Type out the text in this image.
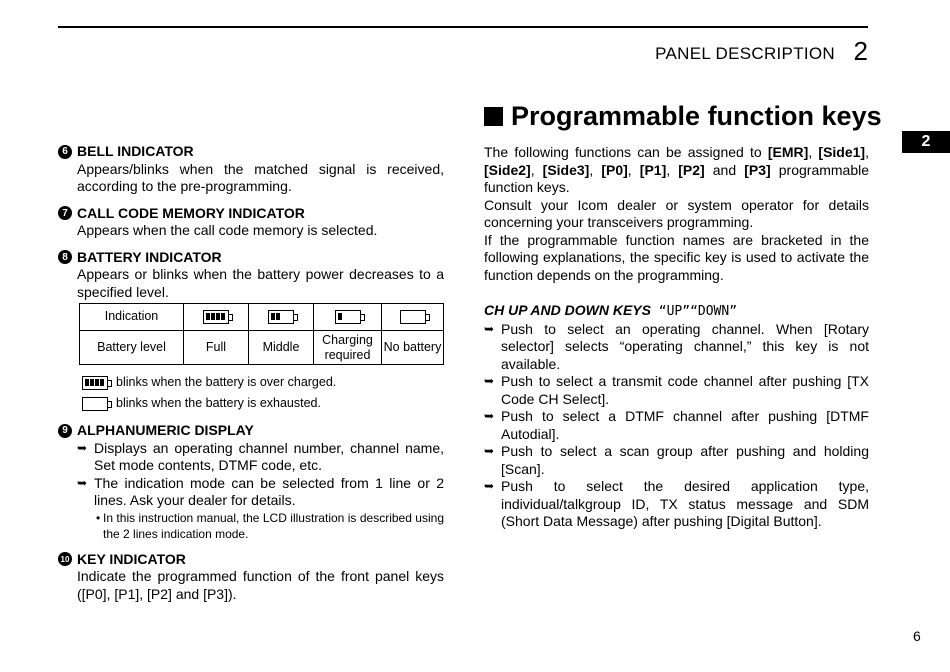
PANEL DESCRIPTION 2
2
6
6 BELL INDICATOR
Appears/blinks when the matched signal is received, according to the pre-programming.
7 CALL CODE MEMORY INDICATOR
Appears when the call code memory is selected.
8 BATTERY INDICATOR
Appears or blinks when the battery power decreases to a specified level.
Indication	

Battery level	Full	Middle	Charging required	No battery
blinks when the battery is over charged.
blinks when the battery is exhausted.
9 ALPHANUMERIC DISPLAY
➥ Displays an operating channel number, channel name, Set mode contents, DTMF code, etc.
➥ The indication mode can be selected from 1 line or 2 lines. Ask your dealer for details.
• In this instruction manual, the LCD illustration is described using the 2 lines indication mode.
10 KEY INDICATOR
Indicate the programmed function of the front panel keys ([P0], [P1], [P2] and [P3]).
Programmable function keys
The following functions can be assigned to [EMR], [Side1], [Side2], [Side3], [P0], [P1], [P2] and [P3] programmable function keys.
Consult your Icom dealer or system operator for details concerning your transceivers programming.
If the programmable function names are bracketed in the following explanations, the specific key is used to activate the function depends on the programming.
CH UP AND DOWN KEYS “UP”“DOWN”
➥ Push to select an operating channel. When [Rotary selector] selects “operating channel,” this key is not available.
➥ Push to select a transmit code channel after pushing [TX Code CH Select].
➥ Push to select a DTMF channel after pushing [DTMF Autodial].
➥ Push to select a scan group after pushing and holding [Scan].
➥ Push to select the desired application type, individual/talkgroup ID, TX status message and SDM (Short Data Message) after pushing [Digital Button].
